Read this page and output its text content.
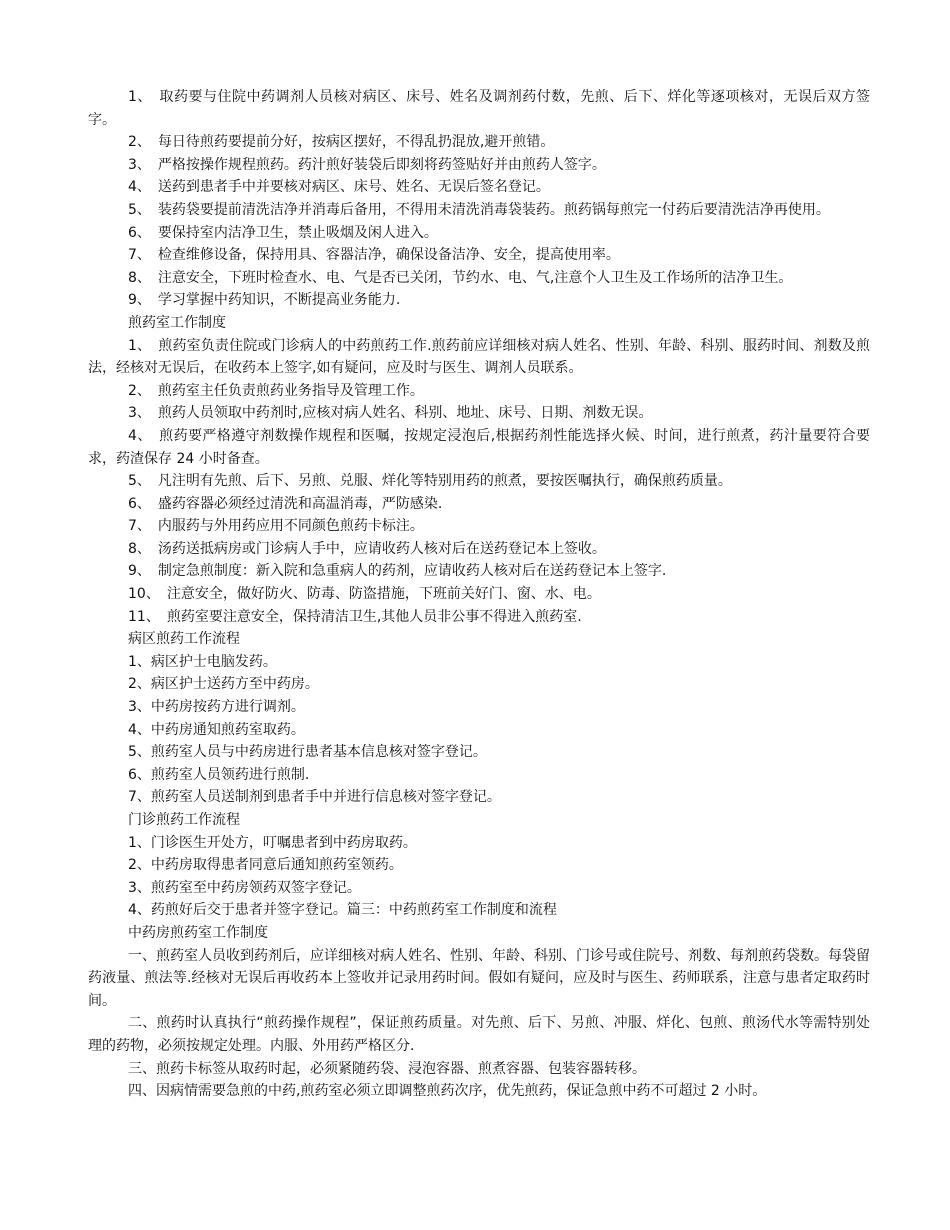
1、　取药要与住院中药调剂人员核对病区、床号、姓名及调剂药付数，先煎、后下、烊化等逐项核对，无误后双方签字。

2、　每日待煎药要提前分好，按病区摆好，不得乱扔混放,避开煎错。

3、　严格按操作规程煎药。药汁煎好装袋后即刻将药签贴好并由煎药人签字。

4、　送药到患者手中并要核对病区、床号、姓名、无误后签名登记。

5、　装药袋要提前清洗洁净并消毒后备用，不得用未清洗消毒袋装药。煎药锅每煎完一付药后要清洗洁净再使用。

6、　要保持室内洁净卫生，禁止吸烟及闲人进入。

7、　检查维修设备，保持用具、容器洁净，确保设备洁净、安全，提高使用率。

8、　注意安全，下班时检查水、电、气是否已关闭，节约水、电、气,注意个人卫生及工作场所的洁净卫生。

9、　学习掌握中药知识，不断提高业务能力.

煎药室工作制度

1、　煎药室负责住院或门诊病人的中药煎药工作.煎药前应详细核对病人姓名、性别、年龄、科别、服药时间、剂数及煎法，经核对无误后，在收药本上签字,如有疑问，应及时与医生、调剂人员联系。

2、　煎药室主任负责煎药业务指导及管理工作。

3、　煎药人员领取中药剂时,应核对病人姓名、科别、地址、床号、日期、剂数无误。

4、　煎药要严格遵守剂数操作规程和医嘱，按规定浸泡后,根据药剂性能选择火候、时间，进行煎煮，药汁量要符合要求，药渣保存 24 小时备查。

5、　凡注明有先煎、后下、另煎、兑服、烊化等特别用药的煎煮，要按医嘱执行，确保煎药质量。

6、　盛药容器必须经过清洗和高温消毒，严防感染.

7、　内服药与外用药应用不同颜色煎药卡标注。

8、　汤药送抵病房或门诊病人手中，应请收药人核对后在送药登记本上签收。

9、　制定急煎制度：新入院和急重病人的药剂，应请收药人核对后在送药登记本上签字.

10、　注意安全，做好防火、防毒、防盗措施，下班前关好门、窗、水、电。

11、　煎药室要注意安全，保持清洁卫生,其他人员非公事不得进入煎药室.

病区煎药工作流程

1、病区护士电脑发药。

2、病区护士送药方至中药房。

3、中药房按药方进行调剂。

4、中药房通知煎药室取药。

5、煎药室人员与中药房进行患者基本信息核对签字登记。

6、煎药室人员领药进行煎制.

7、煎药室人员送制剂到患者手中并进行信息核对签字登记。

门诊煎药工作流程

1、门诊医生开处方，叮嘱患者到中药房取药。

2、中药房取得患者同意后通知煎药室领药。

3、煎药室至中药房领药双签字登记。

4、药煎好后交于患者并签字登记。篇三：中药煎药室工作制度和流程

中药房煎药室工作制度

一、煎药室人员收到药剂后，应详细核对病人姓名、性别、年龄、科别、门诊号或住院号、剂数、每剂煎药袋数。每袋留药液量、煎法等.经核对无误后再收药本上签收并记录用药时间。假如有疑问，应及时与医生、药师联系，注意与患者定取药时间。

二、煎药时认真执行“煎药操作规程”，保证煎药质量。对先煎、后下、另煎、冲服、烊化、包煎、煎汤代水等需特别处理的药物，必须按规定处理。内服、外用药严格区分.

三、煎药卡标签从取药时起，必须紧随药袋、浸泡容器、煎煮容器、包装容器转移。

四、因病情需要急煎的中药,煎药室必须立即调整煎药次序，优先煎药，保证急煎中药不可超过 2 小时。
